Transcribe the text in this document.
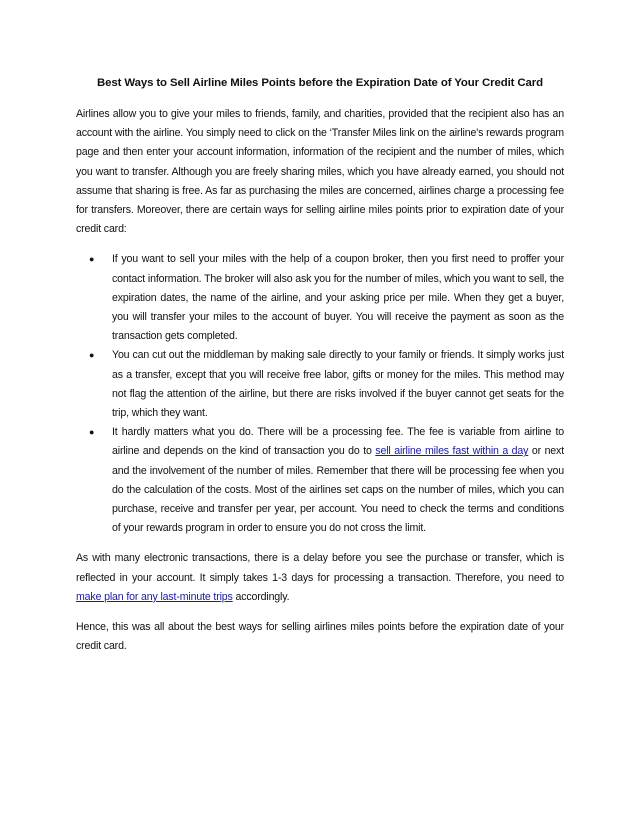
Best Ways to Sell Airline Miles Points before the Expiration Date of Your Credit Card

Airlines allow you to give your miles to friends, family, and charities, provided that the recipient also has an account with the airline. You simply need to click on the ‘Transfer Miles link on the airline's rewards program page and then enter your account information, information of the recipient and the number of miles, which you want to transfer. Although you are freely sharing miles, which you have already earned, you should not assume that sharing is free. As far as purchasing the miles are concerned, airlines charge a processing fee for transfers. Moreover, there are certain ways for selling airline miles points prior to expiration date of your credit card:

● If you want to sell your miles with the help of a coupon broker, then you first need to proffer your contact information. The broker will also ask you for the number of miles, which you want to sell, the expiration dates, the name of the airline, and your asking price per mile. When they get a buyer, you will transfer your miles to the account of buyer. You will receive the payment as soon as the transaction gets completed.
● You can cut out the middleman by making sale directly to your family or friends. It simply works just as a transfer, except that you will receive free labor, gifts or money for the miles. This method may not flag the attention of the airline, but there are risks involved if the buyer cannot get seats for the trip, which they want.
● It hardly matters what you do. There will be a processing fee. The fee is variable from airline to airline and depends on the kind of transaction you do to sell airline miles fast within a day or next and the involvement of the number of miles. Remember that there will be processing fee when you do the calculation of the costs. Most of the airlines set caps on the number of miles, which you can purchase, receive and transfer per year, per account. You need to check the terms and conditions of your rewards program in order to ensure you do not cross the limit.

As with many electronic transactions, there is a delay before you see the purchase or transfer, which is reflected in your account. It simply takes 1-3 days for processing a transaction. Therefore, you need to make plan for any last-minute trips accordingly.

Hence, this was all about the best ways for selling airlines miles points before the expiration date of your credit card.
